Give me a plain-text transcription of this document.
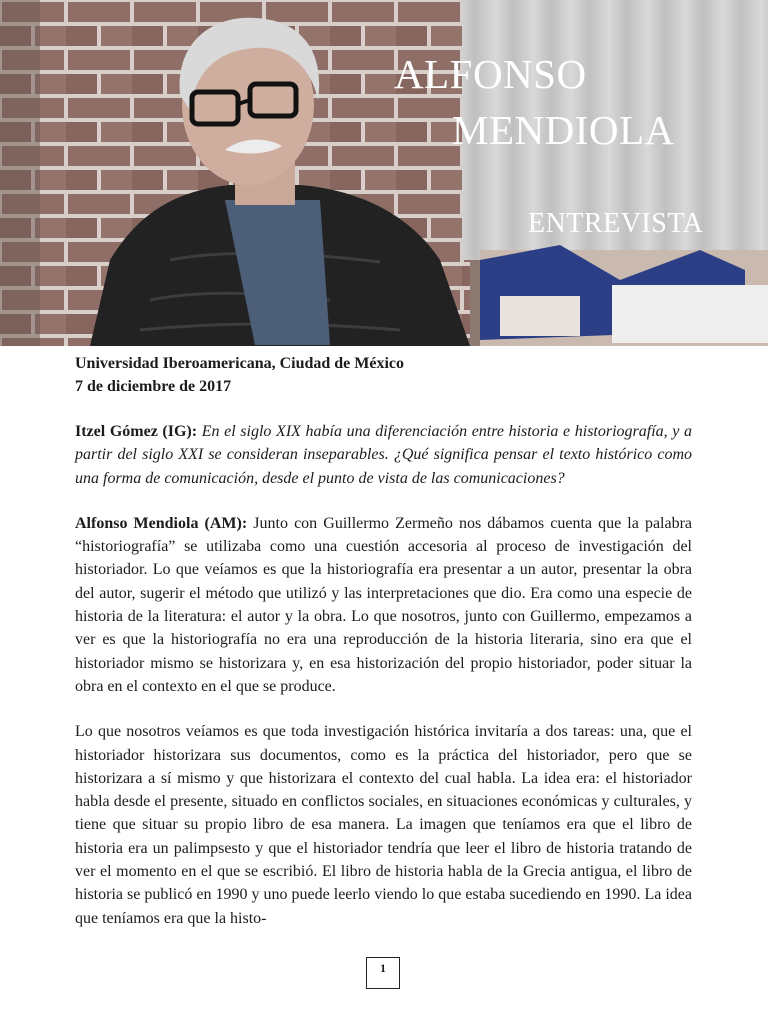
ALFONSO
MENDIOLA
ENTREVISTA

Universidad Iberoamericana, Ciudad de México

7 de diciembre de 2017

Itzel Gómez (IG): En el siglo XIX había una diferenciación entre historia e historiografía, y a partir del siglo XXI se consideran inseparables. ¿Qué significa pensar el texto histórico como una forma de comunicación, desde el punto de vista de las comunicaciones?

Alfonso Mendiola (AM): Junto con Guillermo Zermeño nos dábamos cuenta que la palabra “historiografía” se utilizaba como una cuestión accesoria al proceso de investigación del historiador. Lo que veíamos es que la historiografía era presentar a un autor, presentar la obra del autor, sugerir el método que utilizó y las interpretaciones que dio. Era como una especie de historia de la literatura: el autor y la obra. Lo que nosotros, junto con Guillermo, empezamos a ver es que la historiografía no era una reproducción de la historia literaria, sino era que el historiador mismo se historizara y, en esa historización del propio historiador, poder situar la obra en el contexto en el que se produce.

Lo que nosotros veíamos es que toda investigación histórica invitaría a dos tareas: una, que el historiador historizara sus documentos, como es la práctica del historiador, pero que se historizara a sí mismo y que historizara el contexto del cual habla. La idea era: el historiador habla desde el presente, situado en conflictos sociales, en situaciones económicas y culturales, y tiene que situar su propio libro de esa manera. La imagen que teníamos era que el libro de historia era un palimpsesto y que el historiador tendría que leer el libro de historia tratando de ver el momento en el que se escribió. El libro de historia habla de la Grecia antigua, el libro de historia se publicó en 1990 y uno puede leerlo viendo lo que estaba sucediendo en 1990. La idea que teníamos era que la histo-

1
